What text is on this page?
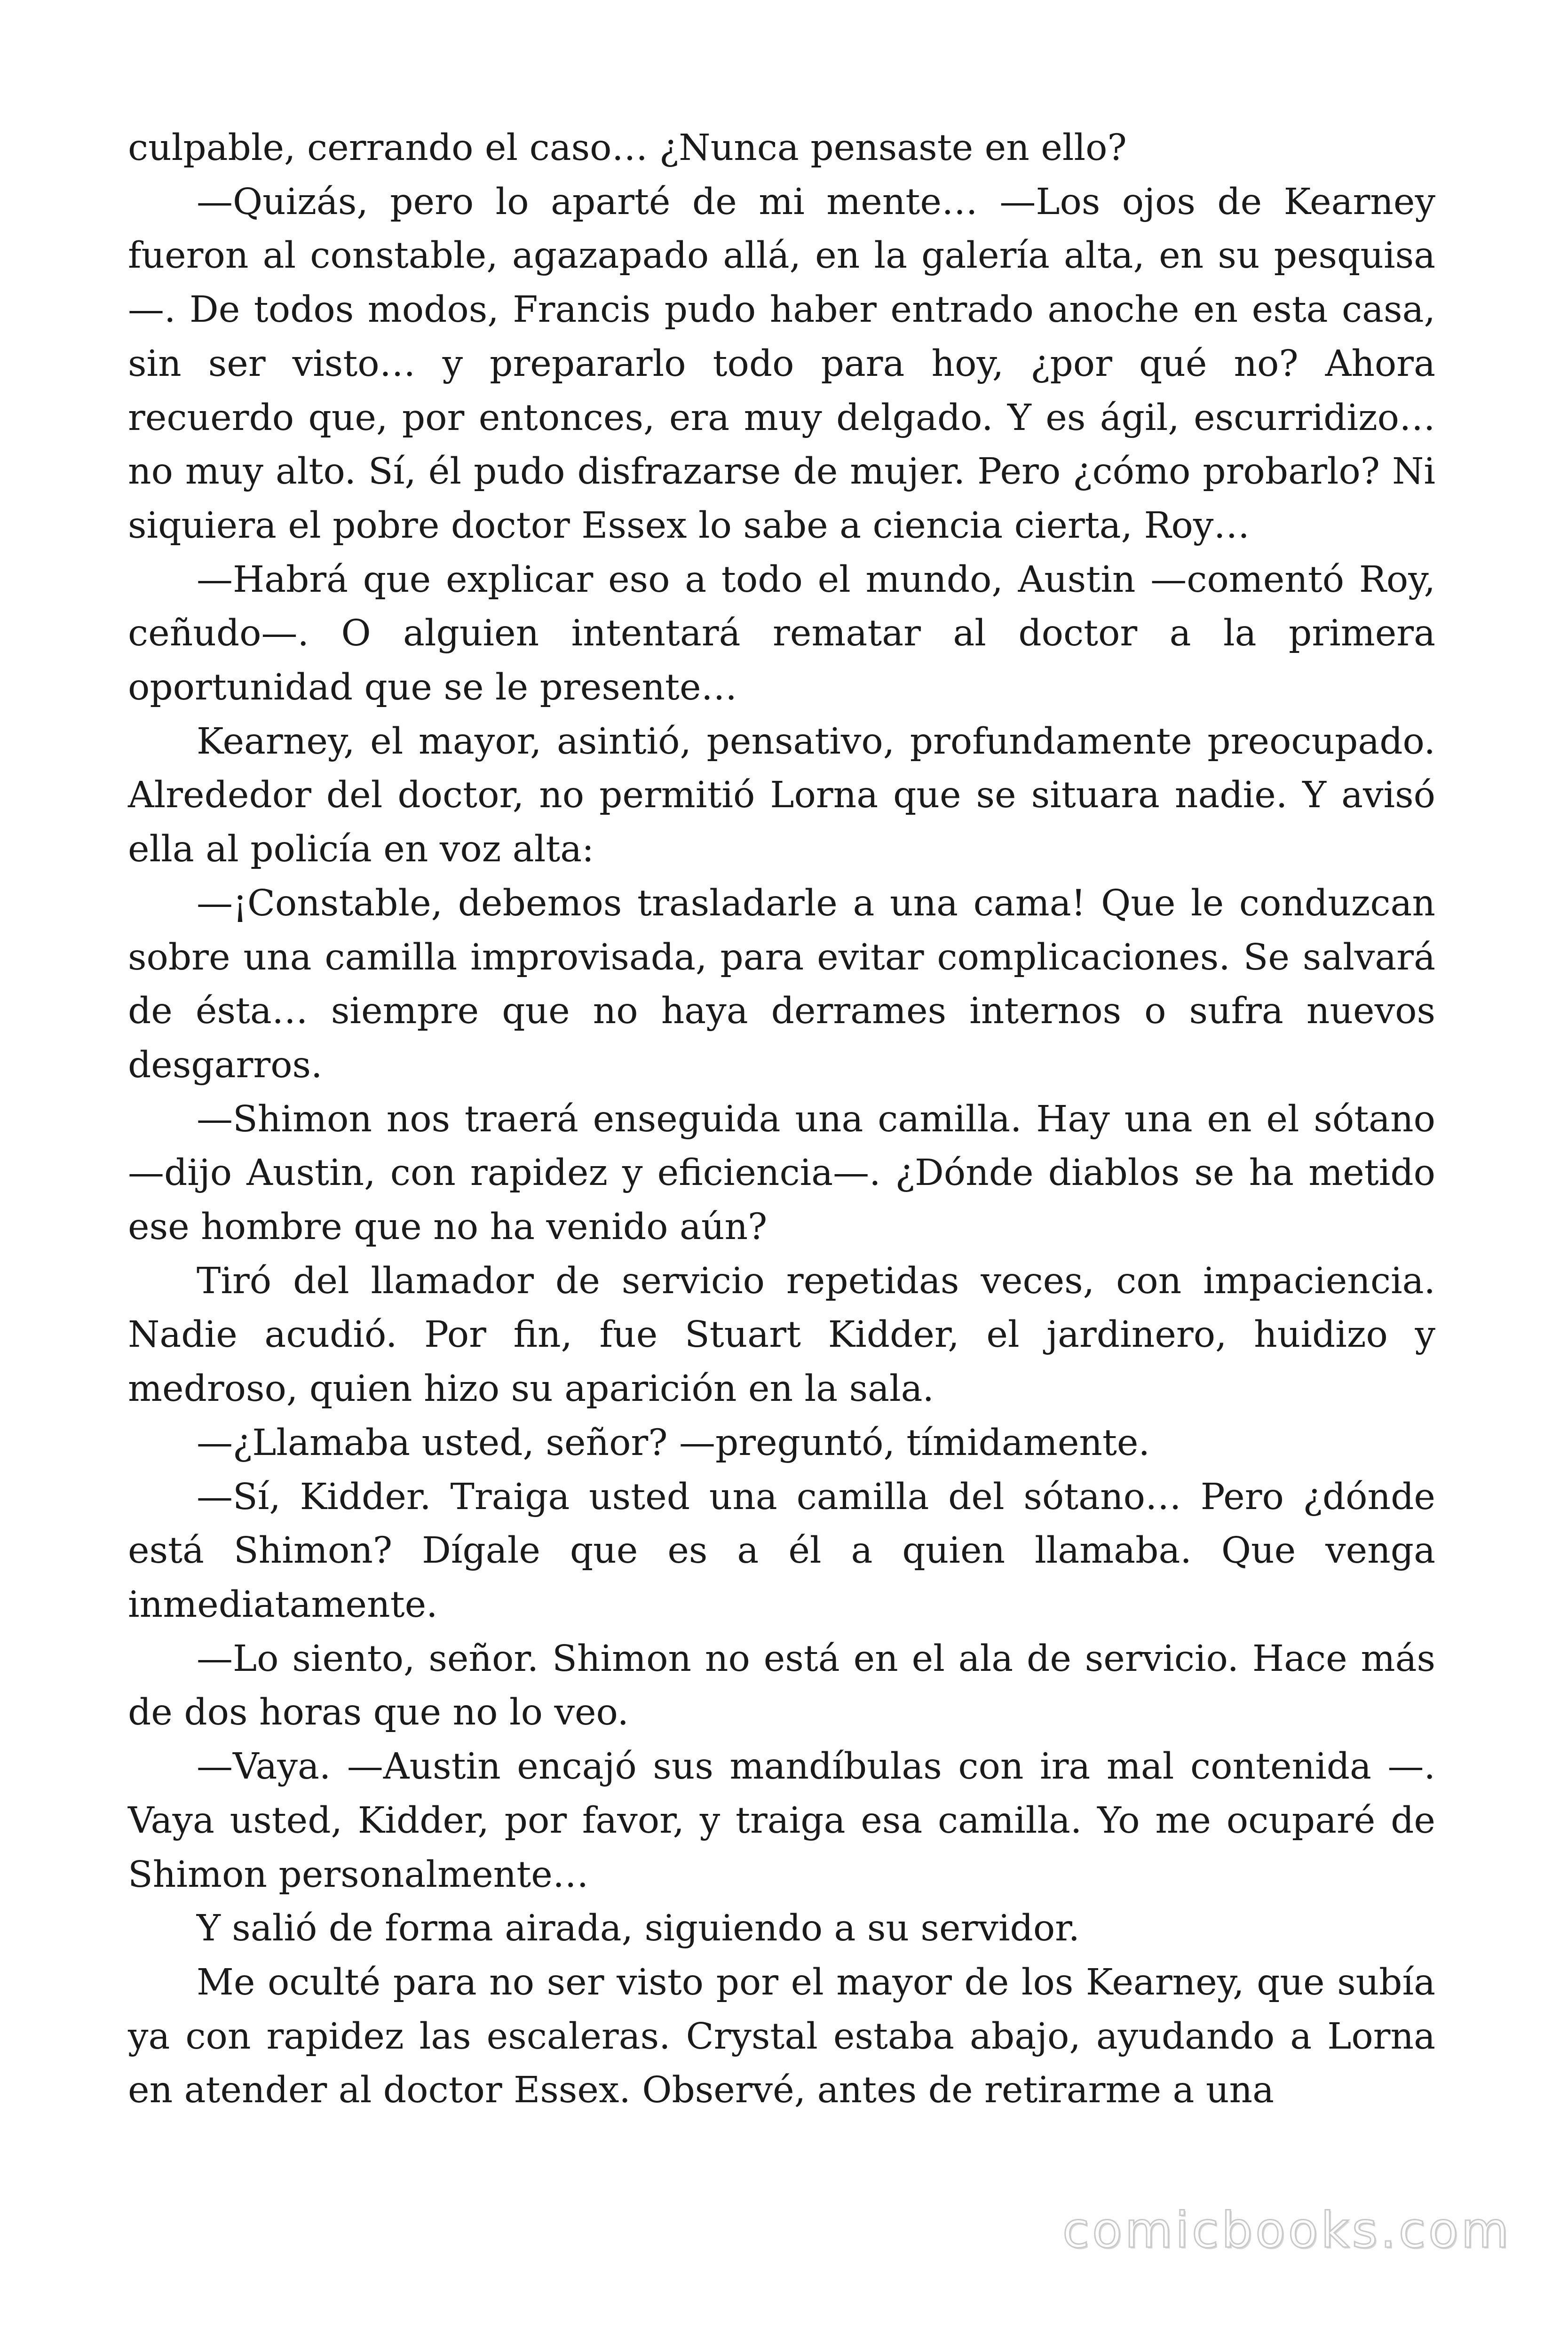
culpable, cerrando el caso… ¿Nunca pensaste en ello?

—Quizás, pero lo aparté de mi mente… —Los ojos de Kearney fueron al constable, agazapado allá, en la galería alta, en su pesquisa—. De todos modos, Francis pudo haber entrado anoche en esta casa, sin ser visto… y prepararlo todo para hoy, ¿por qué no? Ahora recuerdo que, por entonces, era muy delgado. Y es ágil, escurridizo… no muy alto. Sí, él pudo disfrazarse de mujer. Pero ¿cómo probarlo? Ni siquiera el pobre doctor Essex lo sabe a ciencia cierta, Roy…

—Habrá que explicar eso a todo el mundo, Austin —comentó Roy, ceñudo—. O alguien intentará rematar al doctor a la primera oportunidad que se le presente…

Kearney, el mayor, asintió, pensativo, profundamente preocupado. Alrededor del doctor, no permitió Lorna que se situara nadie. Y avisó ella al policía en voz alta:

—¡Constable, debemos trasladarle a una cama! Que le conduzcan sobre una camilla improvisada, para evitar complicaciones. Se salvará de ésta… siempre que no haya derrames internos o sufra nuevos desgarros.

—Shimon nos traerá enseguida una camilla. Hay una en el sótano —dijo Austin, con rapidez y eficiencia—. ¿Dónde diablos se ha metido ese hombre que no ha venido aún?

Tiró del llamador de servicio repetidas veces, con impaciencia. Nadie acudió. Por fin, fue Stuart Kidder, el jardinero, huidizo y medroso, quien hizo su aparición en la sala.

—¿Llamaba usted, señor? —preguntó, tímidamente.

—Sí, Kidder. Traiga usted una camilla del sótano… Pero ¿dónde está Shimon? Dígale que es a él a quien llamaba. Que venga inmediatamente.

—Lo siento, señor. Shimon no está en el ala de servicio. Hace más de dos horas que no lo veo.

—Vaya. —Austin encajó sus mandíbulas con ira mal contenida —. Vaya usted, Kidder, por favor, y traiga esa camilla. Yo me ocuparé de Shimon personalmente…

Y salió de forma airada, siguiendo a su servidor.

Me oculté para no ser visto por el mayor de los Kearney, que subía ya con rapidez las escaleras. Crystal estaba abajo, ayudando a Lorna en atender al doctor Essex. Observé, antes de retirarme a una

comicbooks.com
